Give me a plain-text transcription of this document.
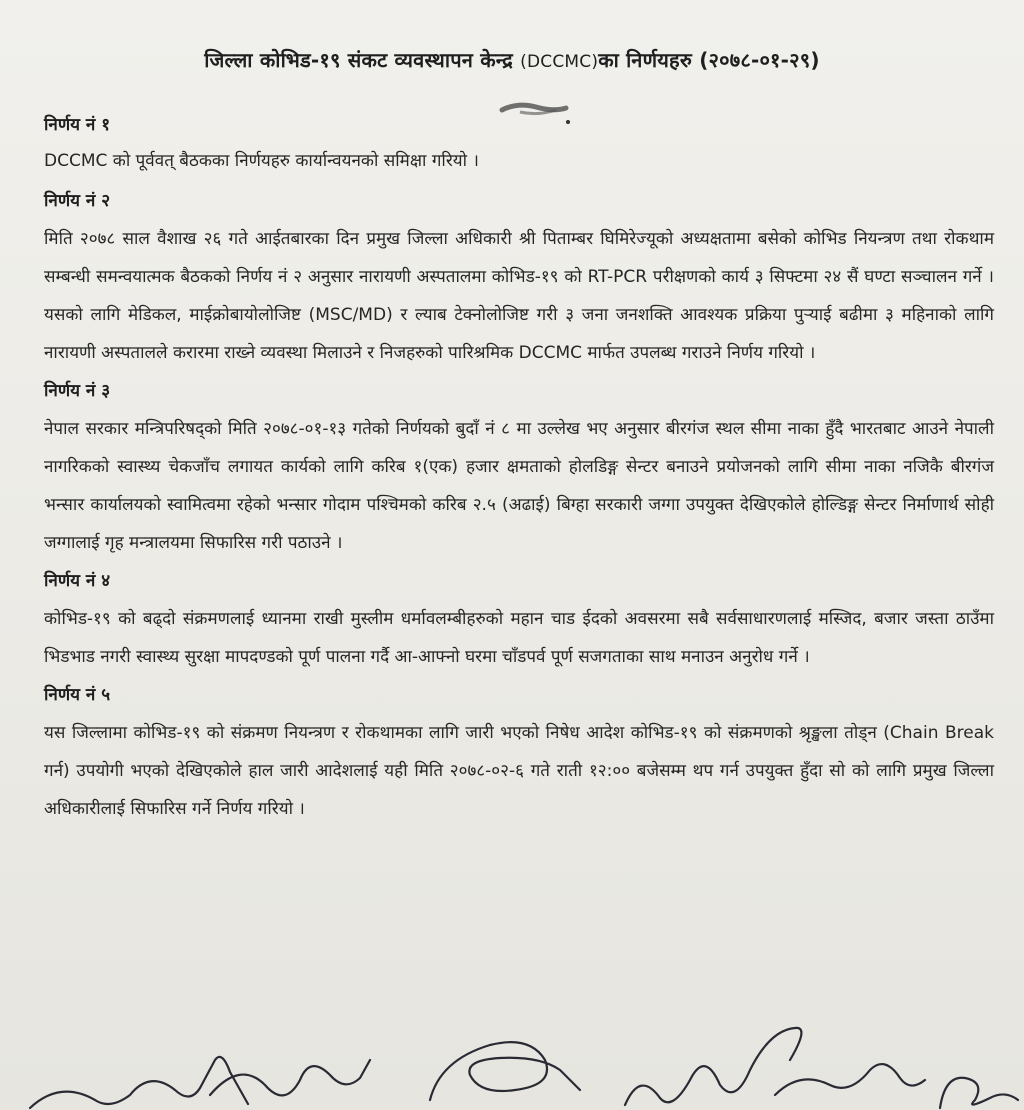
जिल्ला कोभिड-१९ संकट व्यवस्थापन केन्द्र (DCCMC)का निर्णयहरु (२०७८-०१-२९)

निर्णय नं १

DCCMC को पूर्ववत् बैठकका निर्णयहरु कार्यान्वयनको समिक्षा गरियो ।

निर्णय नं २

मिति २०७८ साल वैशाख २६ गते आईतबारका दिन प्रमुख जिल्ला अधिकारी श्री पिताम्बर घिमिरेज्यूको अध्यक्षतामा बसेको कोभिड नियन्त्रण तथा रोकथाम सम्बन्धी समन्वयात्मक बैठकको निर्णय नं २ अनुसार नारायणी अस्पतालमा कोभिड-१९ को RT-PCR परीक्षणको कार्य ३ सिफ्टमा २४ सैं घण्टा सञ्चालन गर्ने । यसको लागि मेडिकल, माईक्रोबायोलोजिष्ट (MSC/MD) र ल्याब टेक्नोलोजिष्ट गरी ३ जना जनशक्ति आवश्यक प्रक्रिया पुर्‍याई बढीमा ३ महिनाको लागि नारायणी अस्पतालले करारमा राख्ने व्यवस्था मिलाउने र निजहरुको पारिश्रमिक DCCMC मार्फत उपलब्ध गराउने निर्णय गरियो ।

निर्णय नं ३

नेपाल सरकार मन्त्रिपरिषद्को मिति २०७८-०१-१३ गतेको निर्णयको बुदाँ नं ८ मा उल्लेख भए अनुसार बीरगंज स्थल सीमा नाका हुँदै भारतबाट आउने नेपाली नागरिकको स्वास्थ्य चेकजाँच लगायत कार्यको लागि करिब १(एक) हजार क्षमताको होलडिङ्ग सेन्टर बनाउने प्रयोजनको लागि सीमा नाका नजिकै बीरगंज भन्सार कार्यालयको स्वामित्वमा रहेको भन्सार गोदाम पश्चिमको करिब २.५ (अढाई) बिग्हा सरकारी जग्गा उपयुक्त देखिएकोले होल्डिङ्ग सेन्टर निर्माणार्थ सोही जग्गालाई गृह मन्त्रालयमा सिफारिस गरी पठाउने ।

निर्णय नं ४

कोभिड-१९ को बढ्दो संक्रमणलाई ध्यानमा राखी मुस्लीम धर्मावलम्बीहरुको महान चाड ईदको अवसरमा सबै सर्वसाधारणलाई मस्जिद, बजार जस्ता ठाउँमा भिडभाड नगरी स्वास्थ्य सुरक्षा मापदण्डको पूर्ण पालना गर्दै आ-आफ्नो घरमा चाँडपर्व पूर्ण सजगताका साथ मनाउन अनुरोध गर्ने ।

निर्णय नं ५

यस जिल्लामा कोभिड-१९ को संक्रमण नियन्त्रण र रोकथामका लागि जारी भएको निषेध आदेश कोभिड-१९ को संक्रमणको श्रृङ्खला तोड्न (Chain Break गर्न) उपयोगी भएको देखिएकोले हाल जारी आदेशलाई यही मिति २०७८-०२-६ गते राती १२:०० बजेसम्म थप गर्न उपयुक्त हुँदा सो को लागि प्रमुख जिल्ला अधिकारीलाई सिफारिस गर्ने निर्णय गरियो ।
